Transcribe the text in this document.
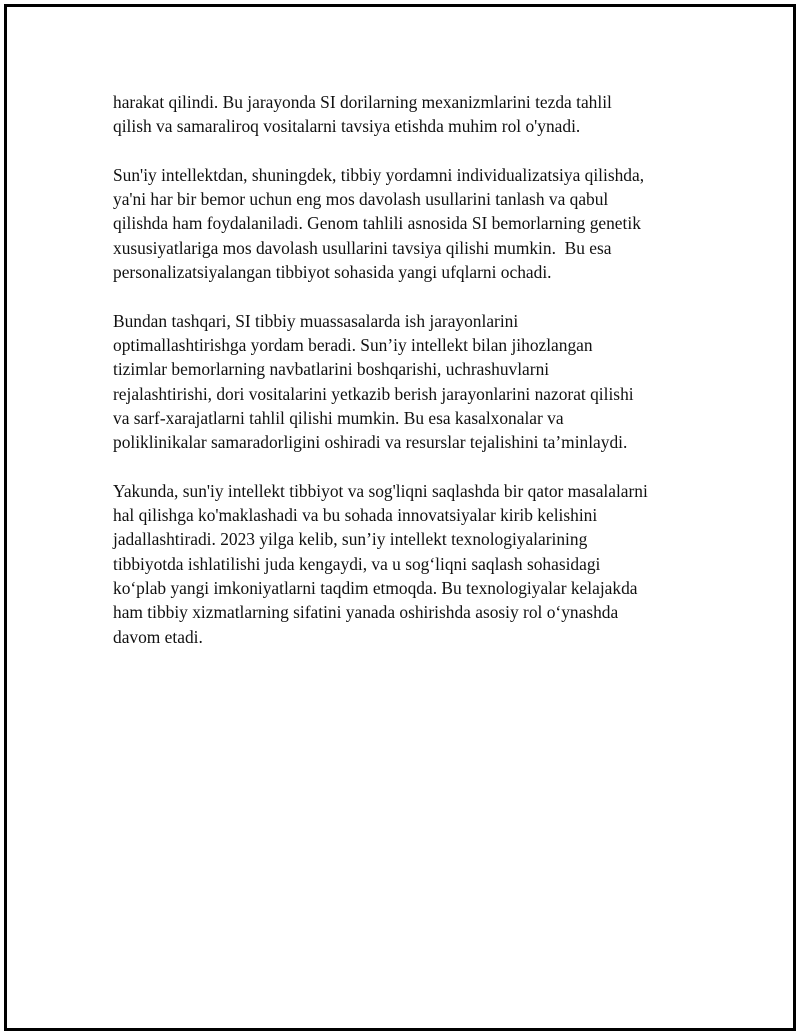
harakat qilindi. Bu jarayonda SI dorilarning mexanizmlarini tezda tahlil
qilish va samaraliroq vositalarni tavsiya etishda muhim rol o'ynadi.

Sun'iy intellektdan, shuningdek, tibbiy yordamni individualizatsiya qilishda,
ya'ni har bir bemor uchun eng mos davolash usullarini tanlash va qabul
qilishda ham foydalaniladi. Genom tahlili asnosida SI bemorlarning genetik
xususiyatlariga mos davolash usullarini tavsiya qilishi mumkin.  Bu esa
personalizatsiyalangan tibbiyot sohasida yangi ufqlarni ochadi.

Bundan tashqari, SI tibbiy muassasalarda ish jarayonlarini
optimallashtirishga yordam beradi. Sun’iy intellekt bilan jihozlangan
tizimlar bemorlarning navbatlarini boshqarishi, uchrashuvlarni
rejalashtirishi, dori vositalarini yetkazib berish jarayonlarini nazorat qilishi
va sarf-xarajatlarni tahlil qilishi mumkin. Bu esa kasalxonalar va
poliklinikalar samaradorligini oshiradi va resurslar tejalishini ta’minlaydi.

Yakunda, sun'iy intellekt tibbiyot va sog'liqni saqlashda bir qator masalalarni
hal qilishga ko'maklashadi va bu sohada innovatsiyalar kirib kelishini
jadallashtiradi. 2023 yilga kelib, sun’iy intellekt texnologiyalarining
tibbiyotda ishlatilishi juda kengaydi, va u sog‘liqni saqlash sohasidagi
ko‘plab yangi imkoniyatlarni taqdim etmoqda. Bu texnologiyalar kelajakda
ham tibbiy xizmatlarning sifatini yanada oshirishda asosiy rol o‘ynashda
davom etadi.
